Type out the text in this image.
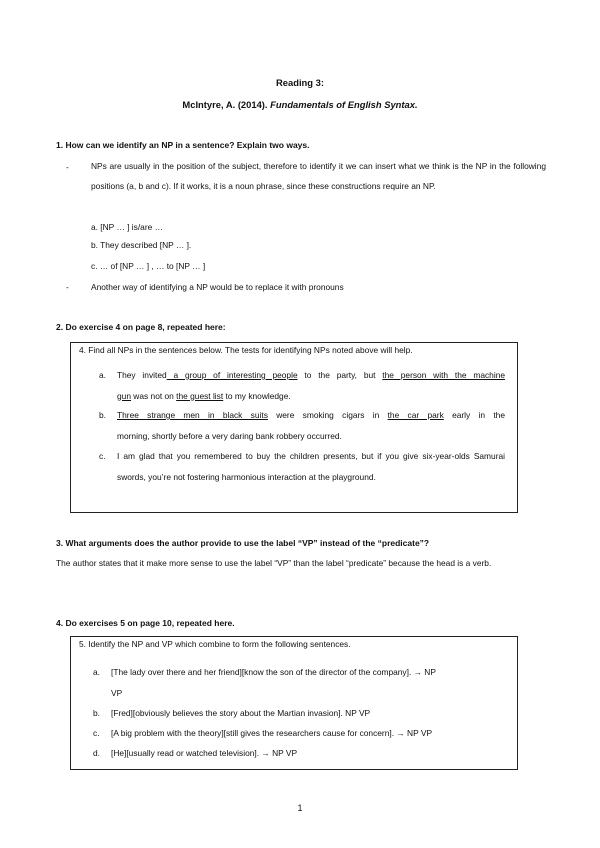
Reading 3:
McIntyre, A. (2014). Fundamentals of English Syntax.
1. How can we identify an NP in a sentence? Explain two ways.
-	NPs are usually in the position of the subject, therefore to identify it we can insert what we think is the NP in the following positions (a, b and c). If it works, it is a noun phrase, since these constructions require an NP.
a. [NP … ] is/are …
b. They described [NP … ].
c. … of [NP … ] , … to [NP … ]
-	Another way of identifying a NP would be to replace it with pronouns
2. Do exercise 4 on page 8, repeated here:
4. Find all NPs in the sentences below. The tests for identifying NPs noted above will help.
a. They invited a group of interesting people to the party, but the person with the machine
gun was not on the guest list to my knowledge.
b. Three strange men in black suits were smoking cigars in the car park early in the
morning, shortly before a very daring bank robbery occurred.
c. I am glad that you remembered to buy the children presents, but if you give six-year-olds Samurai swords, you’re not fostering harmonious interaction at the playground.
3. What arguments does the author provide to use the label “VP” instead of the “predicate”?
The author states that it make more sense to use the label “VP” than the label “predicate” because the head is a verb.
4. Do exercises 5 on page 10, repeated here.
5. Identify the NP and VP which combine to form the following sentences.
a. [The lady over there and her friend][know the son of the director of the company]. → NP
VP
b. [Fred][obviously believes the story about the Martian invasion]. NP VP
c. [A big problem with the theory][still gives the researchers cause for concern]. → NP VP
d. [He][usually read or watched television]. → NP VP
1
